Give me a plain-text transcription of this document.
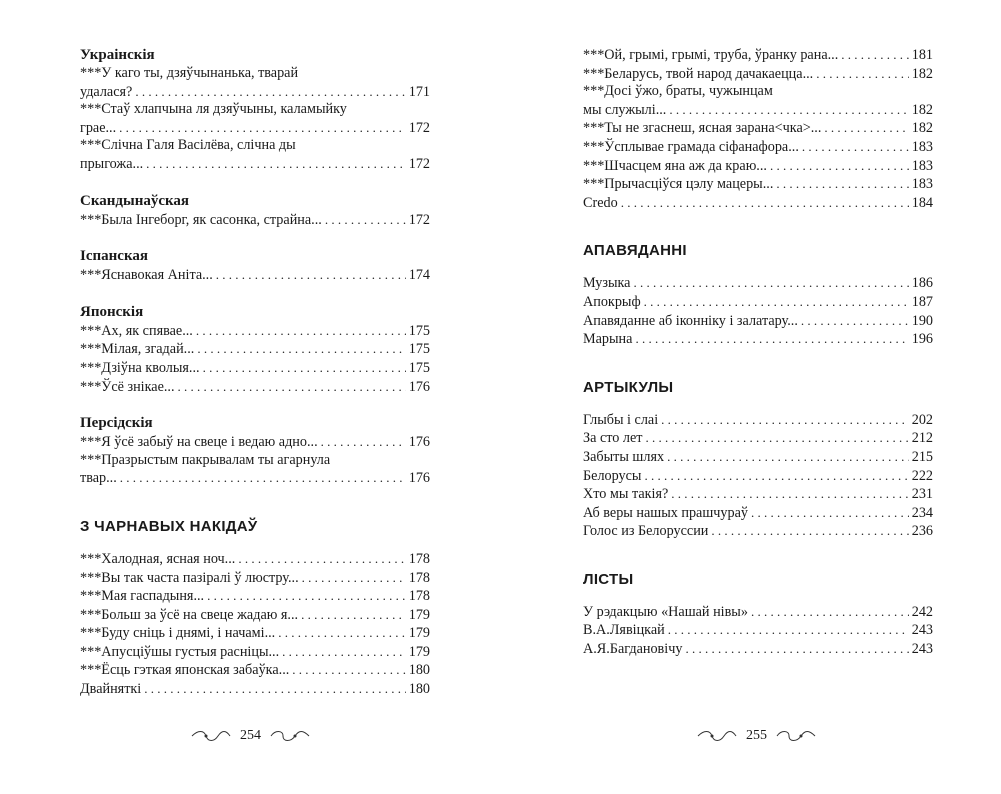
Украінскія
***У каго ты, дзяўчынанька, тварай
удалася? . . .	171
***Стаў хлапчына ля дзяўчыны, каламыйку
грае... . . .	172
***Слічна Галя Васілёва, слічна ды
прыгожа... . . .	172
Скандынаўская
***Была Інгеборг, як сасонка, страйна... . . .	172
Іспанская
***Яснавокая Аніта... . . .	174
Японскія
***Ах, як спявае... . . .	175
***Мілая, згадай... . . .	175
***Дзіўна кволыя... . . .	175
***Ўсё знікае... . . .	176
Персідскія
***Я ўсё забыў на свеце і ведаю адно... . . .	176
***Празрыстым пакрывалам ты агарнула
твар... . . .	176
З ЧАРНАВЫХ НАКІДАЎ
***Халодная, ясная ноч... . . .	178
***Вы так часта пазіралі ў люстру... . . .	178
***Мая гаспадыня... . . .	178
***Больш за ўсё на свеце жадаю я... . . .	179
***Буду сніць і днямі, і начамі... . . .	179
***Апусціўшы густыя расніцы... . . .	179
***Ёсць гэткая японская забаўка... . . .	180
Двайняткі . . .	180
254
***Ой, грымі, грымі, труба, ўранку рана... . . .	181
***Беларусь, твой народ дачакаецца... . . .	182
***Досі ўжо, браты, чужынцам
мы служылі... . . .	182
***Ты не згаснеш, ясная зарана<чка>... . . .	182
***Ўсплывае грамада сіфанафора... . . .	183
***Шчасцем яна аж да краю... . . .	183
***Прычасціўся цэлу мацеры... . . .	183
Credo . . .	184
АПАВЯДАННІ
Музыка . . .	186
Апокрыф . . .	187
Апавяданне аб іконніку і залатару... . . .	190
Марына . . .	196
АРТЫКУЛЫ
Глыбы і слаі . . .	202
За сто лет . . .	212
Забыты шлях . . .	215
Белорусы . . .	222
Хто мы такія? . . .	231
Аб веры нашых прашчураў . . .	234
Голос из Белоруссии . . .	236
ЛІСТЫ
У рэдакцыю «Нашай нівы» . . .	242
В.А.Лявіцкай . . .	243
А.Я.Багдановічу . . .	243
255
